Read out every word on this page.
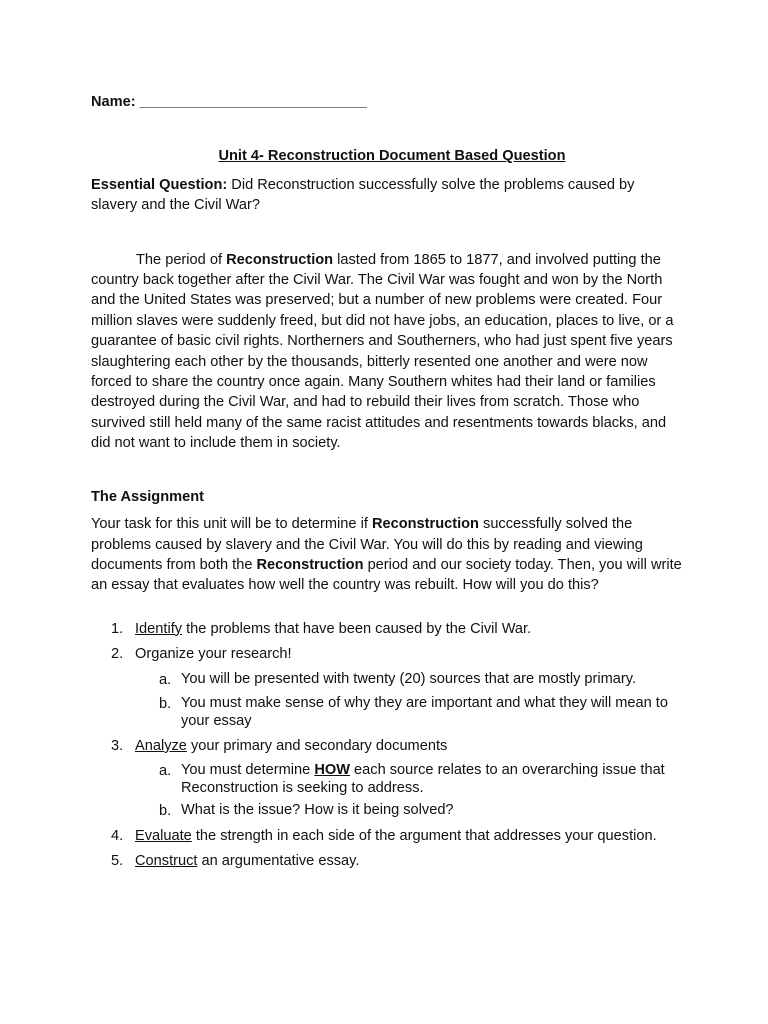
Name: ____________________________

Unit 4- Reconstruction Document Based Question

Essential Question: Did Reconstruction successfully solve the problems caused by slavery and the Civil War?

The period of Reconstruction lasted from 1865 to 1877, and involved putting the country back together after the Civil War. The Civil War was fought and won by the North and the United States was preserved; but a number of new problems were created. Four million slaves were suddenly freed, but did not have jobs, an education, places to live, or a guarantee of basic civil rights. Northerners and Southerners, who had just spent five years slaughtering each other by the thousands, bitterly resented one another and were now forced to share the country once again. Many Southern whites had their land or families destroyed during the Civil War, and had to rebuild their lives from scratch. Those who survived still held many of the same racist attitudes and resentments towards blacks, and did not want to include them in society.

The Assignment

Your task for this unit will be to determine if Reconstruction successfully solved the problems caused by slavery and the Civil War. You will do this by reading and viewing documents from both the Reconstruction period and our society today. Then, you will write an essay that evaluates how well the country was rebuilt. How will you do this?

1. Identify the problems that have been caused by the Civil War.
2. Organize your research!
a. You will be presented with twenty (20) sources that are mostly primary.
b. You must make sense of why they are important and what they will mean to your essay
3. Analyze your primary and secondary documents
a. You must determine HOW each source relates to an overarching issue that Reconstruction is seeking to address.
b. What is the issue? How is it being solved?
4. Evaluate the strength in each side of the argument that addresses your question.
5. Construct an argumentative essay.
